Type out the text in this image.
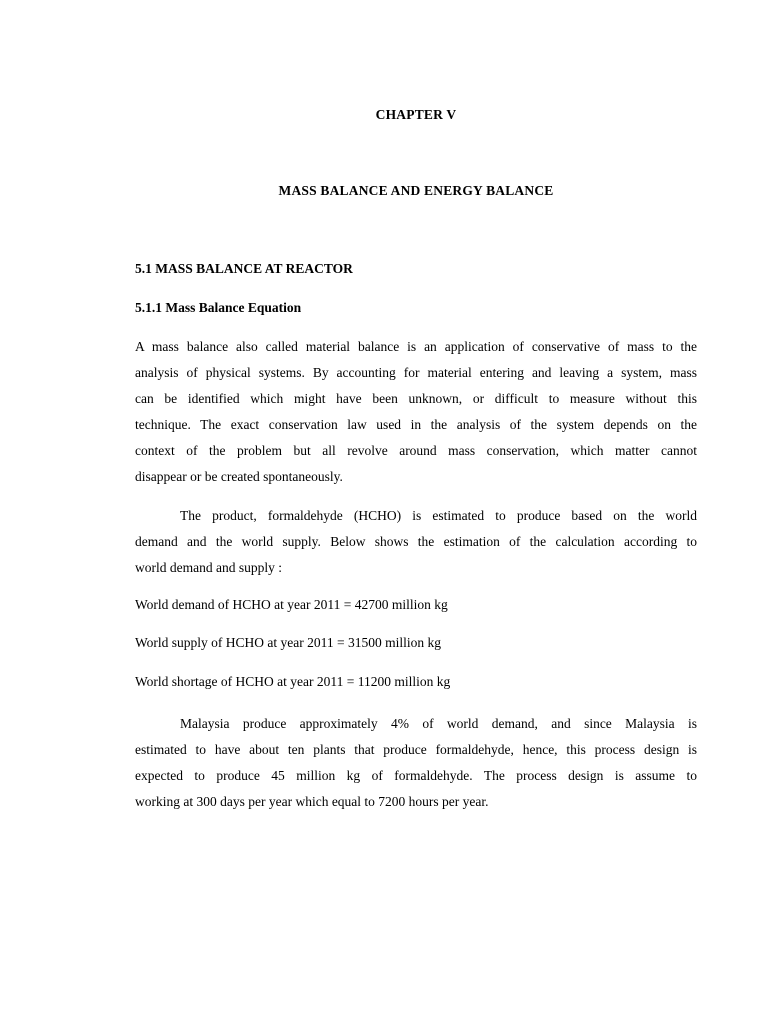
CHAPTER V
MASS BALANCE AND ENERGY BALANCE
5.1 MASS BALANCE AT REACTOR
5.1.1 Mass Balance Equation
A mass balance also called material balance is an application of conservative of mass to the
analysis of physical systems. By accounting for material entering and leaving a system, mass
can be identified which might have been unknown, or difficult to measure without this
technique. The exact conservation law used in the analysis of the system depends on the
context of the problem but all revolve around mass conservation, which matter cannot
disappear or be created spontaneously.
The product, formaldehyde (HCHO) is estimated to produce based on the world
demand and the world supply. Below shows the estimation of the calculation according to
world demand and supply :
World demand of HCHO at year 2011 = 42700 million kg
World supply of HCHO at year 2011 = 31500 million kg
World shortage of HCHO at year 2011 = 11200 million kg
Malaysia produce approximately 4% of world demand, and since Malaysia is
estimated to have about ten plants that produce formaldehyde, hence, this process design is
expected to produce 45 million kg of formaldehyde. The process design is assume to
working at 300 days per year which equal to 7200 hours per year.
